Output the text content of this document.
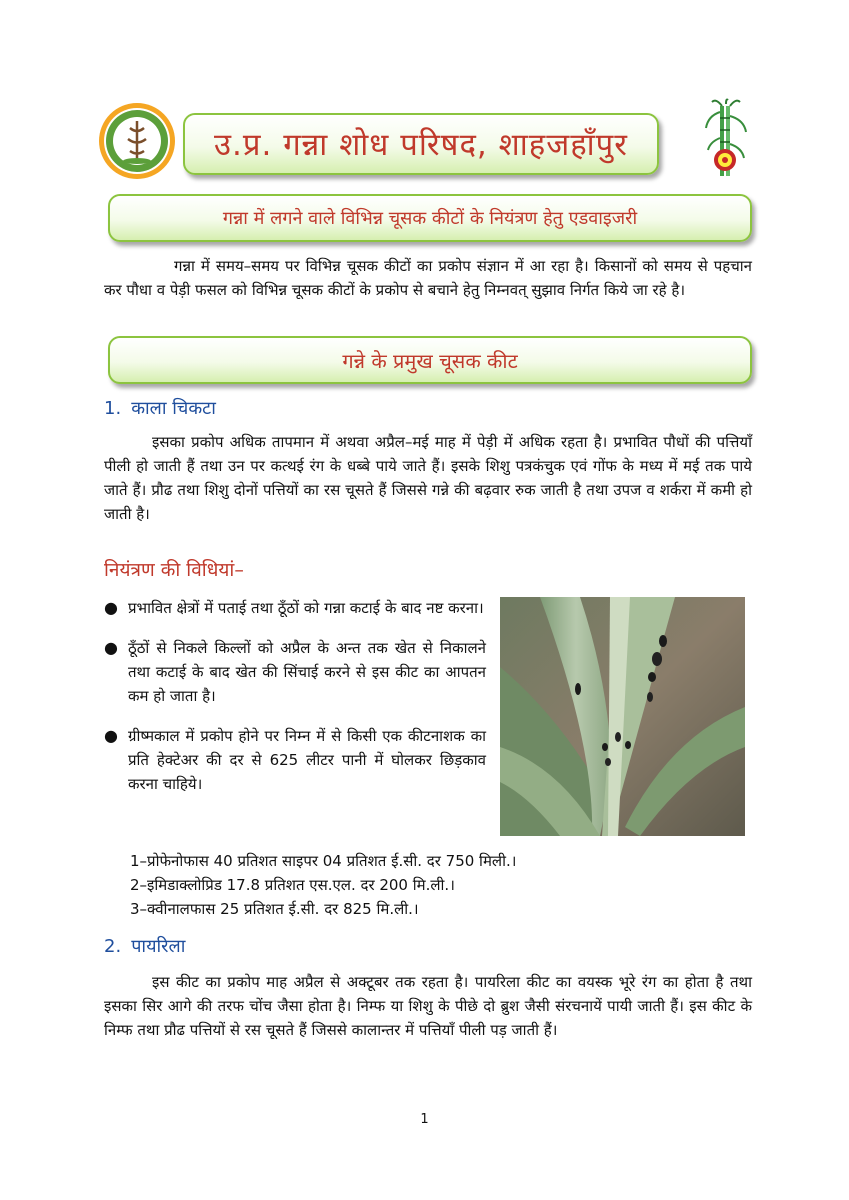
उ.प्र. गन्ना शोध परिषद, शाहजहाँपुर
गन्ना में लगने वाले विभिन्न चूसक कीटों के नियंत्रण हेतु एडवाइजरी
गन्ना में समय–समय पर विभिन्न चूसक कीटों का प्रकोप संज्ञान में आ रहा है। किसानों को समय से पहचान कर पौधा व पेड़ी फसल को विभिन्न चूसक कीटों के प्रकोप से बचाने हेतु निम्नवत् सुझाव निर्गत किये जा रहे है।
गन्ने के प्रमुख चूसक कीट
1. काला चिकटा
इसका प्रकोप अधिक तापमान में अथवा अप्रैल–मई माह में पेड़ी में अधिक रहता है। प्रभावित पौधों की पत्तियाँ पीली हो जाती हैं तथा उन पर कत्थई रंग के धब्बे पाये जाते हैं। इसके शिशु पत्रकंचुक एवं गोंफ के मध्य में मई तक पाये जाते हैं। प्रौढ तथा शिशु दोनों पत्तियों का रस चूसते हैं जिससे गन्ने की बढ़वार रुक जाती है तथा उपज व शर्करा में कमी हो जाती है।
नियंत्रण की विधियां–
● प्रभावित क्षेत्रों में पताई तथा ठूँठों को गन्ना कटाई के बाद नष्ट करना।
● ठूँठों से निकले किल्लों को अप्रैल के अन्त तक खेत से निकालने तथा कटाई के बाद खेत की सिंचाई करने से इस कीट का आपतन कम हो जाता है।
● ग्रीष्मकाल में प्रकोप होने पर निम्न में से किसी एक कीटनाशक का प्रति हेक्टेअर की दर से 625 लीटर पानी में घोलकर छिड़काव करना चाहिये।
1–प्रोफेनोफास 40 प्रतिशत साइपर 04 प्रतिशत ई.सी. दर 750 मिली.।
2–इमिडाक्लोप्रिड 17.8 प्रतिशत एस.एल. दर 200 मि.ली.।
3–क्वीनालफास 25 प्रतिशत ई.सी. दर 825 मि.ली.।
2. पायरिला
इस कीट का प्रकोप माह अप्रैल से अक्टूबर तक रहता है। पायरिला कीट का वयस्क भूरे रंग का होता है तथा इसका सिर आगे की तरफ चोंच जैसा होता है। निम्फ या शिशु के पीछे दो ब्रुश जैसी संरचनायें पायी जाती हैं। इस कीट के निम्फ तथा प्रौढ पत्तियों से रस चूसते हैं जिससे कालान्तर में पत्तियाँ पीली पड़ जाती हैं।
1
